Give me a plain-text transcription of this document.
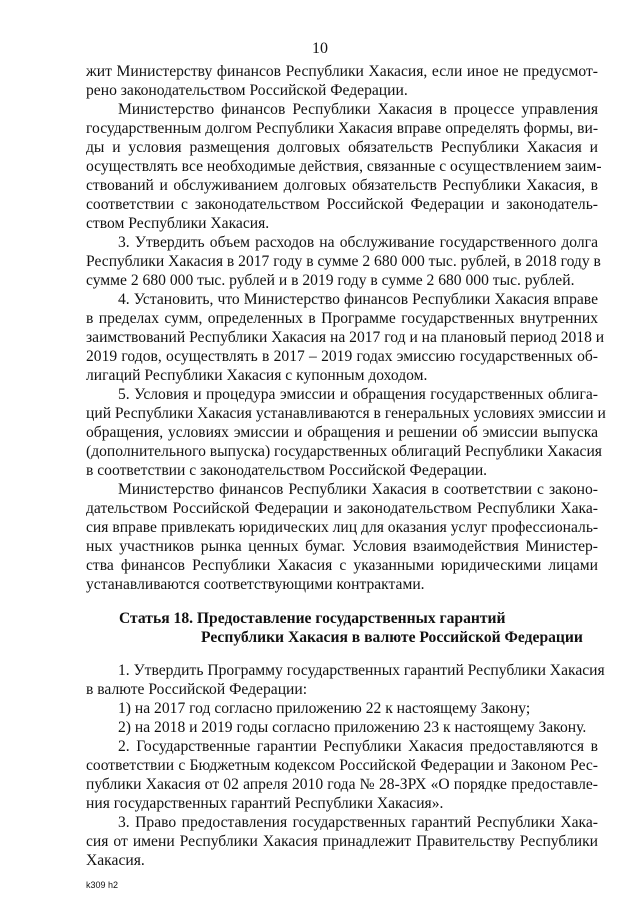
10
жит Министерству финансов Республики Хакасия, если иное не предусмот-
рено законодательством Российской Федерации.
Министерство финансов Республики Хакасия в процессе управления
государственным долгом Республики Хакасия вправе определять формы, ви-
ды и условия размещения долговых обязательств Республики Хакасия и
осуществлять все необходимые действия, связанные с осуществлением заим-
ствований и обслуживанием долговых обязательств Республики Хакасия, в
соответствии с законодательством Российской Федерации и законодатель-
ством Республики Хакасия.
3. Утвердить объем расходов на обслуживание государственного долга
Республики Хакасия в 2017 году в сумме 2 680 000 тыс. рублей, в 2018 году в
сумме 2 680 000 тыс. рублей и в 2019 году в сумме 2 680 000 тыс. рублей.
4. Установить, что Министерство финансов Республики Хакасия вправе
в пределах сумм, определенных в Программе государственных внутренних
заимствований Республики Хакасия на 2017 год и на плановый период 2018 и
2019 годов, осуществлять в 2017 – 2019 годах эмиссию государственных об-
лигаций Республики Хакасия с купонным доходом.
5. Условия и процедура эмиссии и обращения государственных облига-
ций Республики Хакасия устанавливаются в генеральных условиях эмиссии и
обращения, условиях эмиссии и обращения и решении об эмиссии выпуска
(дополнительного выпуска) государственных облигаций Республики Хакасия
в соответствии с законодательством Российской Федерации.
Министерство финансов Республики Хакасия в соответствии с законо-
дательством Российской Федерации и законодательством Республики Хака-
сия вправе привлекать юридических лиц для оказания услуг профессиональ-
ных участников рынка ценных бумаг. Условия взаимодействия Министер-
ства финансов Республики Хакасия с указанными юридическими лицами
устанавливаются соответствующими контрактами.
Статья 18. Предоставление государственных гарантий
Республики Хакасия в валюте Российской Федерации
1. Утвердить Программу государственных гарантий Республики Хакасия
в валюте Российской Федерации:
1) на 2017 год согласно приложению 22 к настоящему Закону;
2) на 2018 и 2019 годы согласно приложению 23 к настоящему Закону.
2. Государственные гарантии Республики Хакасия предоставляются в
соответствии с Бюджетным кодексом Российской Федерации и Законом Рес-
публики Хакасия от 02 апреля 2010 года № 28-ЗРХ «О порядке предоставле-
ния государственных гарантий Республики Хакасия».
3. Право предоставления государственных гарантий Республики Хака-
сия от имени Республики Хакасия принадлежит Правительству Республики
Хакасия.
k309 h2
